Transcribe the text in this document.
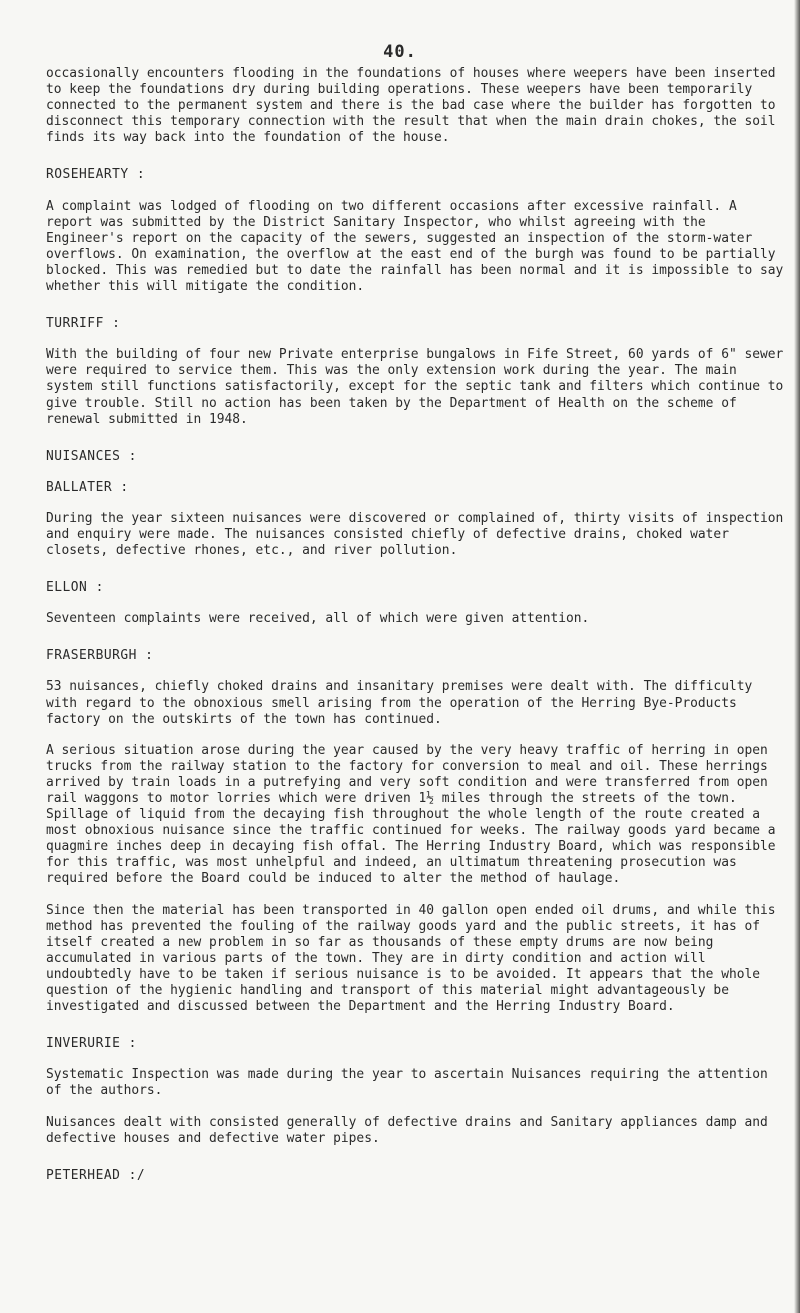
40.

occasionally encounters flooding in the foundations of houses where weepers have been inserted to keep the foundations dry during building operations. These weepers have been temporarily connected to the permanent system and there is the bad case where the builder has forgotten to disconnect this temporary connection with the result that when the main drain chokes, the soil finds its way back into the foundation of the house.

ROSEHEARTY :

A complaint was lodged of flooding on two different occasions after excessive rainfall. A report was submitted by the District Sanitary Inspector, who whilst agreeing with the Engineer's report on the capacity of the sewers, suggested an inspection of the storm-water overflows. On examination, the overflow at the east end of the burgh was found to be partially blocked. This was remedied but to date the rainfall has been normal and it is impossible to say whether this will mitigate the condition.

TURRIFF :

With the building of four new Private enterprise bungalows in Fife Street, 60 yards of 6" sewer were required to service them. This was the only extension work during the year. The main system still functions satisfactorily, except for the septic tank and filters which continue to give trouble. Still no action has been taken by the Department of Health on the scheme of renewal submitted in 1948.

NUISANCES :
BALLATER :

During the year sixteen nuisances were discovered or complained of, thirty visits of inspection and enquiry were made. The nuisances consisted chiefly of defective drains, choked water closets, defective rhones, etc., and river pollution.

ELLON :

Seventeen complaints were received, all of which were given attention.

FRASERBURGH :

53 nuisances, chiefly choked drains and insanitary premises were dealt with. The difficulty with regard to the obnoxious smell arising from the operation of the Herring Bye-Products factory on the outskirts of the town has continued.

A serious situation arose during the year caused by the very heavy traffic of herring in open trucks from the railway station to the factory for conversion to meal and oil. These herrings arrived by train loads in a putrefying and very soft condition and were transferred from open rail waggons to motor lorries which were driven 1½ miles through the streets of the town. Spillage of liquid from the decaying fish throughout the whole length of the route created a most obnoxious nuisance since the traffic continued for weeks. The railway goods yard became a quagmire inches deep in decaying fish offal. The Herring Industry Board, which was responsible for this traffic, was most unhelpful and indeed, an ultimatum threatening prosecution was required before the Board could be induced to alter the method of haulage.

Since then the material has been transported in 40 gallon open ended oil drums, and while this method has prevented the fouling of the railway goods yard and the public streets, it has of itself created a new problem in so far as thousands of these empty drums are now being accumulated in various parts of the town. They are in dirty condition and action will undoubtedly have to be taken if serious nuisance is to be avoided. It appears that the whole question of the hygienic handling and transport of this material might advantageously be investigated and discussed between the Department and the Herring Industry Board.

INVERURIE :

Systematic Inspection was made during the year to ascertain Nuisances requiring the attention of the authors.

Nuisances dealt with consisted generally of defective drains and Sanitary appliances damp and defective houses and defective water pipes.

PETERHEAD :/
